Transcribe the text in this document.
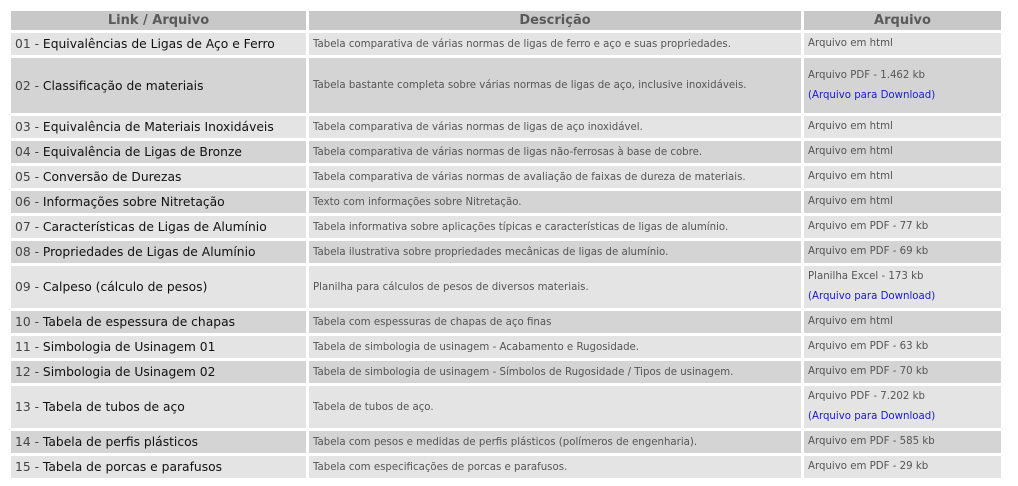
Link / Arquivo	Descrição	Arquivo
01 - Equivalências de Ligas de Aço e Ferro	Tabela comparativa de várias normas de ligas de ferro e aço e suas propriedades.	Arquivo em html
02 - Classificação de materiais	Tabela bastante completa sobre várias normas de ligas de aço, inclusive inoxidáveis.	Arquivo PDF - 1.462 kb
(Arquivo para Download)

03 - Equivalência de Materiais Inoxidáveis	Tabela comparativa de várias normas de ligas de aço inoxidável.	Arquivo em html
04 - Equivalência de Ligas de Bronze	Tabela comparativa de várias normas de ligas não-ferrosas à base de cobre.	Arquivo em html
05 - Conversão de Durezas	Tabela comparativa de várias normas de avaliação de faixas de dureza de materiais.	Arquivo em html
06 - Informações sobre Nitretação	Texto com informações sobre Nitretação.	Arquivo em html
07 - Características de Ligas de Alumínio	Tabela informativa sobre aplicações típicas e características de ligas de alumínio.	Arquivo em PDF - 77 kb
08 - Propriedades de Ligas de Alumínio	Tabela ilustrativa sobre propriedades mecânicas de ligas de alumínio.	Arquivo em PDF - 69 kb
09 - Calpeso (cálculo de pesos)	Planilha para cálculos de pesos de diversos materiais.	Planilha Excel - 173 kb
(Arquivo para Download)

10 - Tabela de espessura de chapas	Tabela com espessuras de chapas de aço finas	Arquivo em html
11 - Simbologia de Usinagem 01	Tabela de simbologia de usinagem - Acabamento e Rugosidade.	Arquivo em PDF - 63 kb
12 - Simbologia de Usinagem 02	Tabela de simbologia de usinagem - Símbolos de Rugosidade / Tipos de usinagem.	Arquivo em PDF - 70 kb
13 - Tabela de tubos de aço	Tabela de tubos de aço.	Arquivo PDF - 7.202 kb
(Arquivo para Download)

14 - Tabela de perfis plásticos	Tabela com pesos e medidas de perfis plásticos (polímeros de engenharia).	Arquivo em PDF - 585 kb
15 - Tabela de porcas e parafusos	Tabela com especificações de porcas e parafusos.	Arquivo em PDF - 29 kb
